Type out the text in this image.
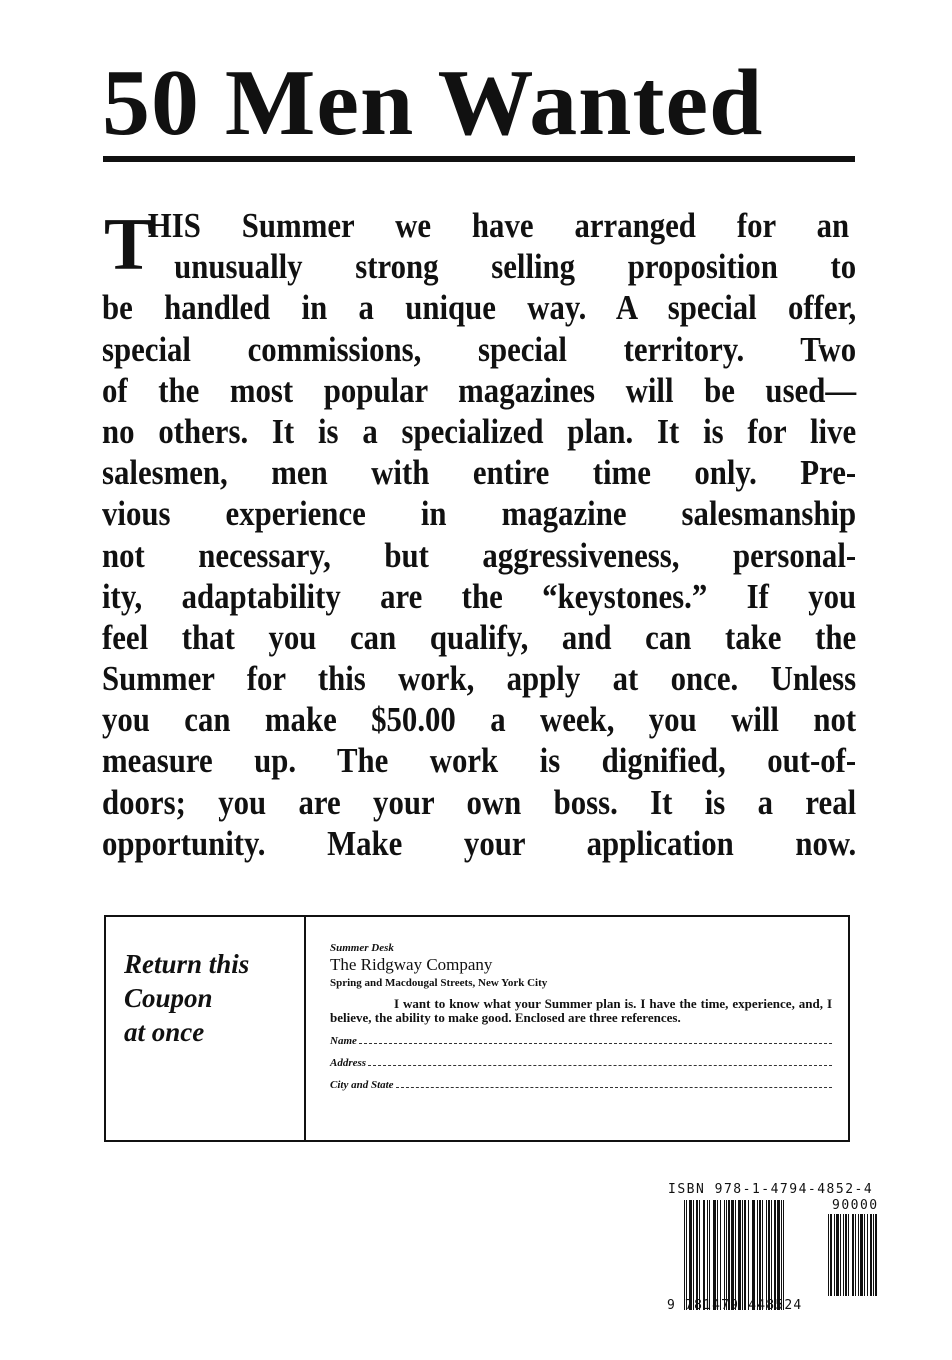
50 Men Wanted
T
HIS Summer we have arranged for an
unusually strong selling proposition to
be handled in a unique way. A special offer,
special commissions, special territory. Two
of the most popular magazines will be used—
no others. It is a specialized plan. It is for live
salesmen, men with entire time only. Pre-
vious experience in magazine salesmanship
not necessary, but aggressiveness, personal-
ity, adaptability are the “keystones.” If you
feel that you can qualify, and can take the
Summer for this work, apply at once. Unless
you can make $50.00 a week, you will not
measure up. The work is dignified, out-of-
doors; you are your own boss. It is a real
opportunity. Make your application now.
Return this
Coupon
at once
Summer Desk
The Ridgway Company
Spring and Macdougal Streets, New York City
I want to know what your Summer plan is. I have the time, experience, and, I believe, the ability to make good. Enclosed are three references.
Name
Address
City and State
ISBN 978-1-4794-4852-4
90000
9 781479 448524
